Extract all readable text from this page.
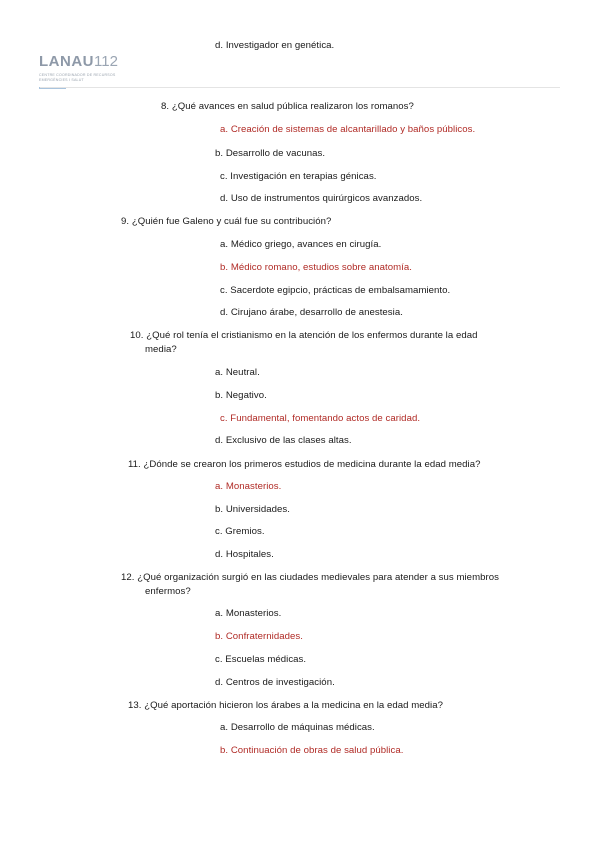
d. Investigador en genética.
LANAU112
CENTRE COORDINADOR DE RECURSOS
EMERGÈNCIES I SALUT
8. ¿Qué avances en salud pública realizaron los romanos?
a. Creación de sistemas de alcantarillado y baños públicos.
b. Desarrollo de vacunas.
c. Investigación en terapias génicas.
d. Uso de instrumentos quirúrgicos avanzados.
9. ¿Quién fue Galeno y cuál fue su contribución?
a. Médico griego, avances en cirugía.
b. Médico romano, estudios sobre anatomía.
c. Sacerdote egipcio, prácticas de embalsamamiento.
d. Cirujano árabe, desarrollo de anestesia.
10. ¿Qué rol tenía el cristianismo en la atención de los enfermos durante la edad
media?
a. Neutral.
b. Negativo.
c. Fundamental, fomentando actos de caridad.
d. Exclusivo de las clases altas.
11. ¿Dónde se crearon los primeros estudios de medicina durante la edad media?
a. Monasterios.
b. Universidades.
c. Gremios.
d. Hospitales.
12. ¿Qué organización surgió en las ciudades medievales para atender a sus miembros
enfermos?
a. Monasterios.
b. Confraternidades.
c. Escuelas médicas.
d. Centros de investigación.
13. ¿Qué aportación hicieron los árabes a la medicina en la edad media?
a. Desarrollo de máquinas médicas.
b. Continuación de obras de salud pública.
